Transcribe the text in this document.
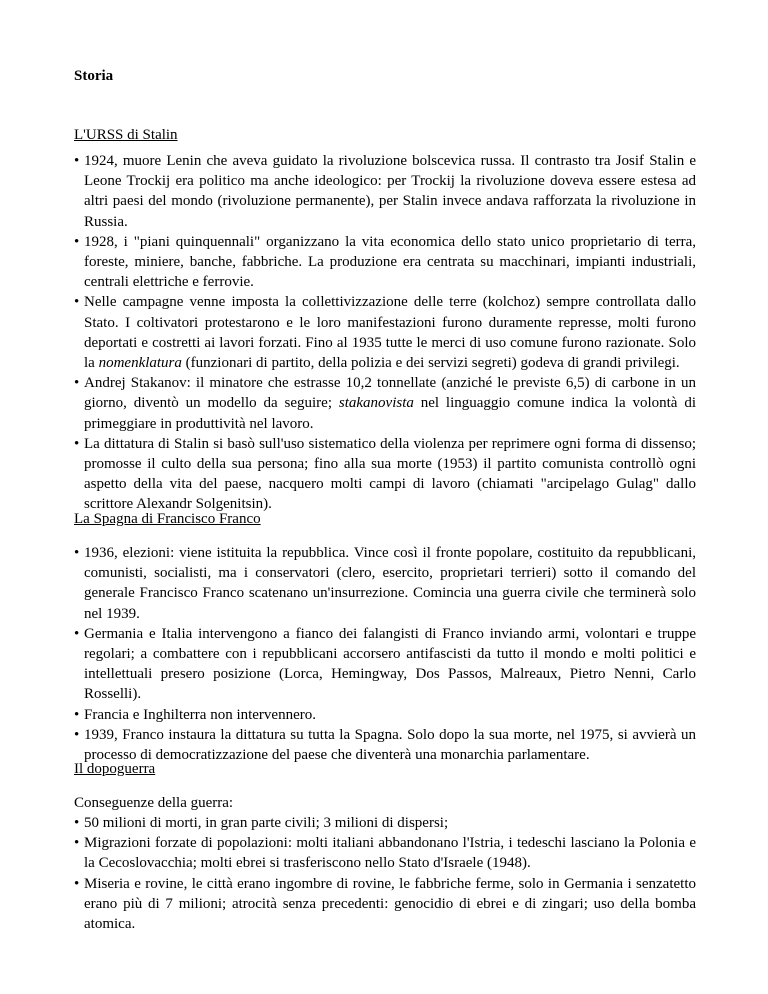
Storia
L'URSS di Stalin
• 1924, muore Lenin che aveva guidato la rivoluzione bolscevica russa. Il contrasto tra Josif Stalin e Leone Trockij era politico ma anche ideologico: per Trockij la rivoluzione doveva essere estesa ad altri paesi del mondo (rivoluzione permanente), per Stalin invece andava rafforzata la rivoluzione in Russia.
• 1928, i "piani quinquennali" organizzano la vita economica dello stato unico proprietario di terra, foreste, miniere, banche, fabbriche. La produzione era centrata su macchinari, impianti industriali, centrali elettriche e ferrovie.
• Nelle campagne venne imposta la collettivizzazione delle terre (kolchoz) sempre controllata dallo Stato. I coltivatori protestarono e le loro manifestazioni furono duramente represse, molti furono deportati e costretti ai lavori forzati. Fino al 1935 tutte le merci di uso comune furono razionate. Solo la nomenklatura (funzionari di partito, della polizia e dei servizi segreti) godeva di grandi privilegi.
• Andrej Stakanov: il minatore che estrasse 10,2 tonnellate (anziché le previste 6,5) di carbone in un giorno, diventò un modello da seguire; stakanovista nel linguaggio comune indica la volontà di primeggiare in produttività nel lavoro.
• La dittatura di Stalin si basò sull'uso sistematico della violenza per reprimere ogni forma di dissenso; promosse il culto della sua persona; fino alla sua morte (1953) il partito comunista controllò ogni aspetto della vita del paese, nacquero molti campi di lavoro (chiamati "arcipelago Gulag" dallo scrittore Alexandr Solgenitsin).
La Spagna di Francisco Franco
• 1936, elezioni: viene istituita la repubblica. Vince così il fronte popolare, costituito da repubblicani, comunisti, socialisti, ma i conservatori (clero, esercito, proprietari terrieri) sotto il comando del generale Francisco Franco scatenano un'insurrezione. Comincia una guerra civile che terminerà solo nel 1939.
• Germania e Italia intervengono a fianco dei falangisti di Franco inviando armi, volontari e truppe regolari; a combattere con i repubblicani accorsero antifascisti da tutto il mondo e molti politici e intellettuali presero posizione (Lorca, Hemingway, Dos Passos, Malreaux, Pietro Nenni, Carlo Rosselli).
• Francia e Inghilterra non intervennero.
• 1939, Franco instaura la dittatura su tutta la Spagna. Solo dopo la sua morte, nel 1975, si avvierà un processo di democratizzazione del paese che diventerà una monarchia parlamentare.
Il dopoguerra
Conseguenze della guerra:
• 50 milioni di morti, in gran parte civili; 3 milioni di dispersi;
• Migrazioni forzate di popolazioni: molti italiani abbandonano l'Istria, i tedeschi lasciano la Polonia e la Cecoslovacchia; molti ebrei si trasferiscono nello Stato d'Israele (1948).
• Miseria e rovine, le città erano ingombre di rovine, le fabbriche ferme, solo in Germania i senzatetto erano più di 7 milioni; atrocità senza precedenti: genocidio di ebrei e di zingari; uso della bomba atomica.
